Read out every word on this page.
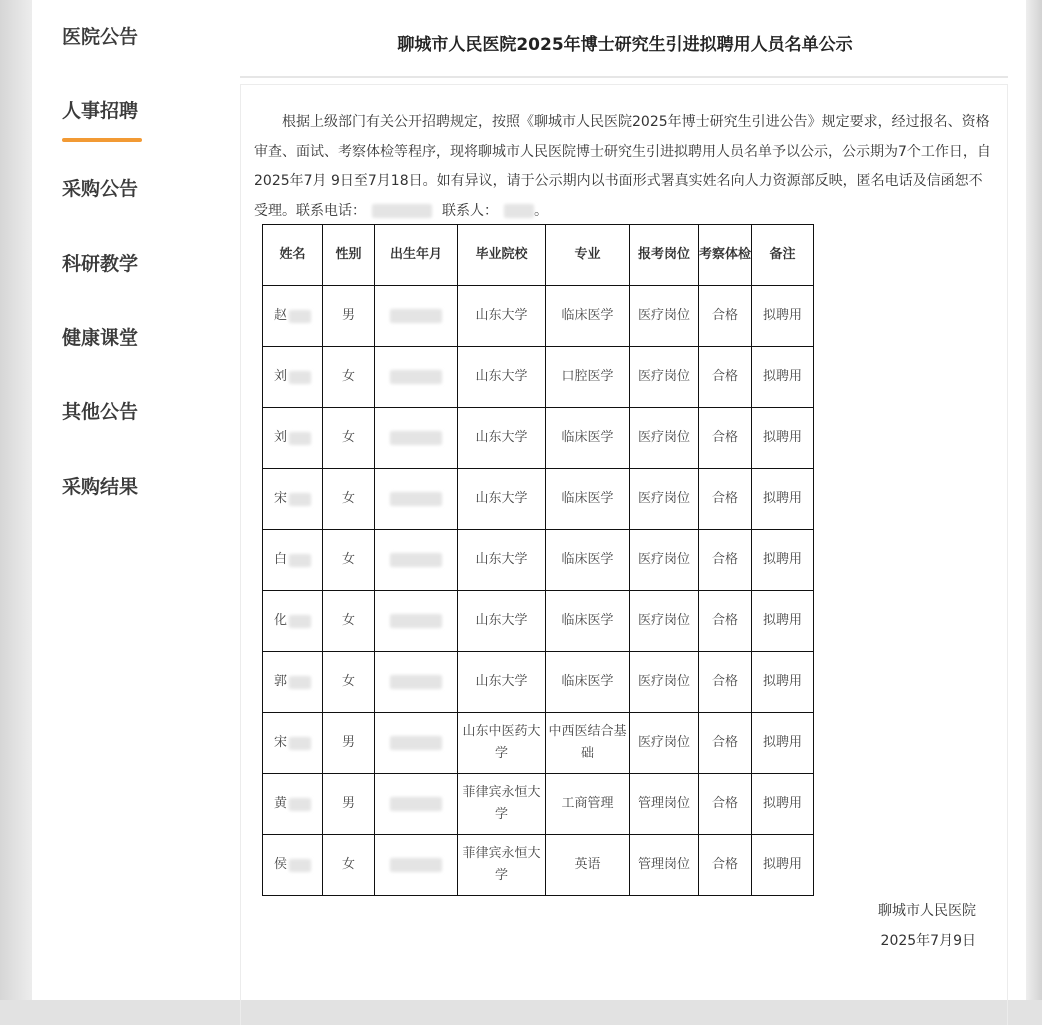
医院公告
人事招聘
采购公告
科研教学
健康课堂
其他公告
采购结果
聊城市人民医院2025年博士研究生引进拟聘用人员名单公示

根据上级部门有关公开招聘规定，按照《聊城市人民医院2025年博士研究生引进公告》规定要求，经过报名、资格审查、面试、考察体检等程序，现将聊城市人民医院博士研究生引进拟聘用人员名单予以公示，公示期为7个工作日，自2025年7月 9日至7月18日。如有异议，请于公示期内以书面形式署真实姓名向人力资源部反映，匿名电话及信函恕不受理。联系电话：	联系人：	。

姓名	性别	出生年月	毕业院校	专业	报考岗位	考察体检	备注

赵	男		山东大学	临床医学	医疗岗位	合格	拟聘用

刘	女		山东大学	口腔医学	医疗岗位	合格	拟聘用

刘	女		山东大学	临床医学	医疗岗位	合格	拟聘用

宋	女		山东大学	临床医学	医疗岗位	合格	拟聘用

白	女		山东大学	临床医学	医疗岗位	合格	拟聘用

化	女		山东大学	临床医学	医疗岗位	合格	拟聘用

郭	女		山东大学	临床医学	医疗岗位	合格	拟聘用

宋	男		山东中医药大学	中西医结合基础	医疗岗位	合格	拟聘用

黄	男		菲律宾永恒大学	工商管理	管理岗位	合格	拟聘用

侯	女		菲律宾永恒大学	英语	管理岗位	合格	拟聘用
聊城市人民医院
2025年7月9日
